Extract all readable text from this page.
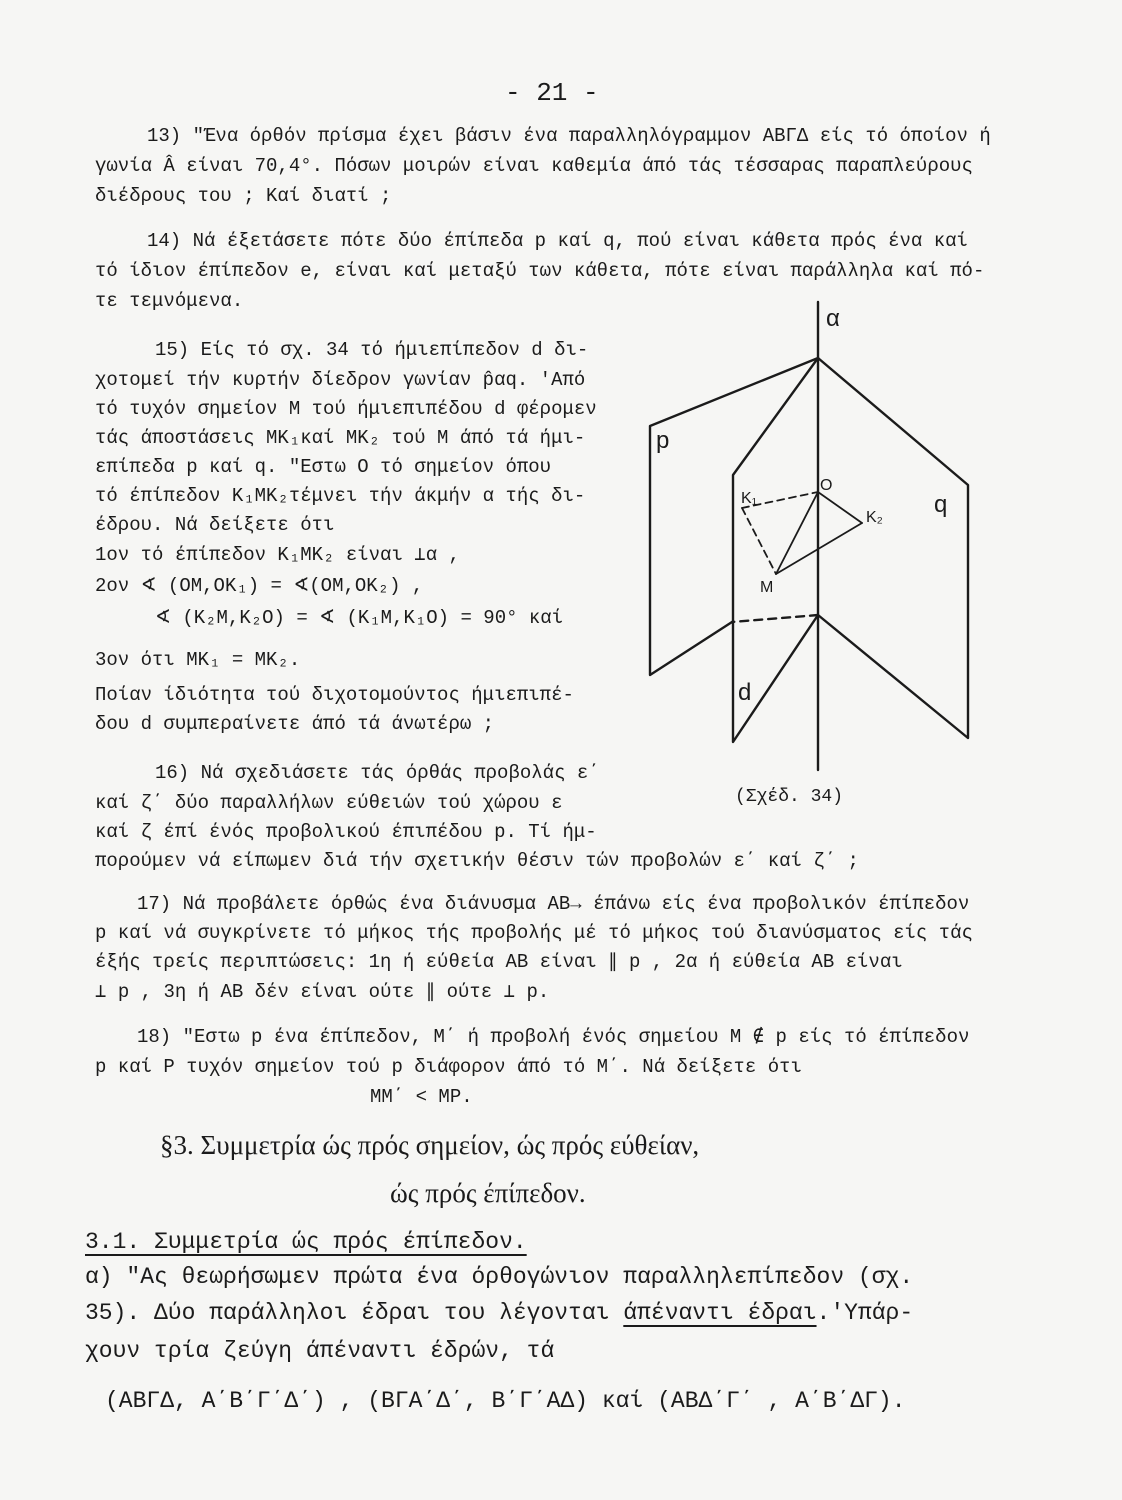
- 21 -
13) "Ένα όρθόν πρίσμα έχει βάσιν ένα παραλληλόγραμμον ΑΒΓΔ είς τό όποίον ή
γωνία Â είναι 70,4°. Πόσων μοιρών είναι καθεμία άπό τάς τέσσαρας παραπλεύρους
διέδρους του ; Καί διατί ;
14) Νά έξετάσετε πότε δύο έπίπεδα p καί q, πού είναι κάθετα πρός ένα καί
τό ίδιον έπίπεδον e, είναι καί μεταξύ των κάθετα, πότε είναι παράλληλα καί πό-
τε τεμνόμενα.
15) Είς τό σχ. 34 τό ήμιεπίπεδον d δι-
χοτομεί τήν κυρτήν δίεδρον γωνίαν p̂αq. 'Από
τό τυχόν σημείον Μ τού ήμιεπιπέδου d φέρομεν
τάς άποστάσεις ΜΚ₁καί ΜΚ₂ τού Μ άπό τά ήμι-
επίπεδα p καί q. "Εστω Ο τό σημείον όπου
τό έπίπεδον Κ₁ΜΚ₂τέμνει τήν άκμήν α τής δι-
έδρου. Νά δείξετε ότι
1ον τό έπίπεδον Κ₁ΜΚ₂ είναι ⊥α ,
2ον ∢ (ΟΜ,ΟΚ₁) = ∢(ΟΜ,ΟΚ₂) ,
∢ (Κ₂Μ,Κ₂Ο) = ∢ (Κ₁Μ,Κ₁Ο) = 90° καί
3ον ότι ΜΚ₁ = ΜΚ₂.
Ποίαν ίδιότητα τού διχοτομούντος ήμιεπιπέ-
δου d συμπεραίνετε άπό τά άνωτέρω ;
16) Νά σχεδιάσετε τάς όρθάς προβολάς ε΄
καί ζ΄ δύο παραλλήλων εύθειών τού χώρου ε
καί ζ έπί ένός προβολικού έπιπέδου p. Τί ήμ-
πορούμεν νά είπωμεν διά τήν σχετικήν θέσιν τών προβολών ε΄ καί ζ΄ ;
17) Νά προβάλετε όρθώς ένα διάνυσμα ΑΒ→ έπάνω είς ένα προβολικόν έπίπεδον
p καί νά συγκρίνετε τό μήκος τής προβολής μέ τό μήκος τού διανύσματος είς τάς
έξής τρείς περιπτώσεις: 1η ή εύθεία ΑΒ είναι ∥ p , 2α ή εύθεία ΑΒ είναι
⊥ p , 3η ή ΑΒ δέν είναι ούτε ∥ ούτε ⊥ p.
18) "Εστω p ένα έπίπεδον, Μ΄ ή προβολή ένός σημείου Μ ∉ p είς τό έπίπεδον
p καί Ρ τυχόν σημείον τού p διάφορον άπό τό Μ΄. Νά δείξετε ότι
ΜΜ΄ < ΜΡ.
§3. Συμμετρία ώς πρός σημείον, ώς πρός εύθείαν,
ώς πρός έπίπεδον.
3.1. Συμμετρία ώς πρός έπίπεδον.
α) "Ας θεωρήσωμεν πρώτα ένα όρθογώνιον παραλληλεπίπεδον (σχ.
35). Δύο παράλληλοι έδραι του λέγονται άπέναντι έδραι.'Υπάρ-
χουν τρία ζεύγη άπέναντι έδρών, τά
(ΑΒΓΔ, Α΄Β΄Γ΄Δ΄) , (ΒΓΑ΄Δ΄, Β΄Γ΄ΑΔ) καί (ΑΒΔ΄Γ΄ , Α΄Β΄ΔΓ).
α
p
q
d
O
K₁
K₂
M
(Σχέδ. 34)
